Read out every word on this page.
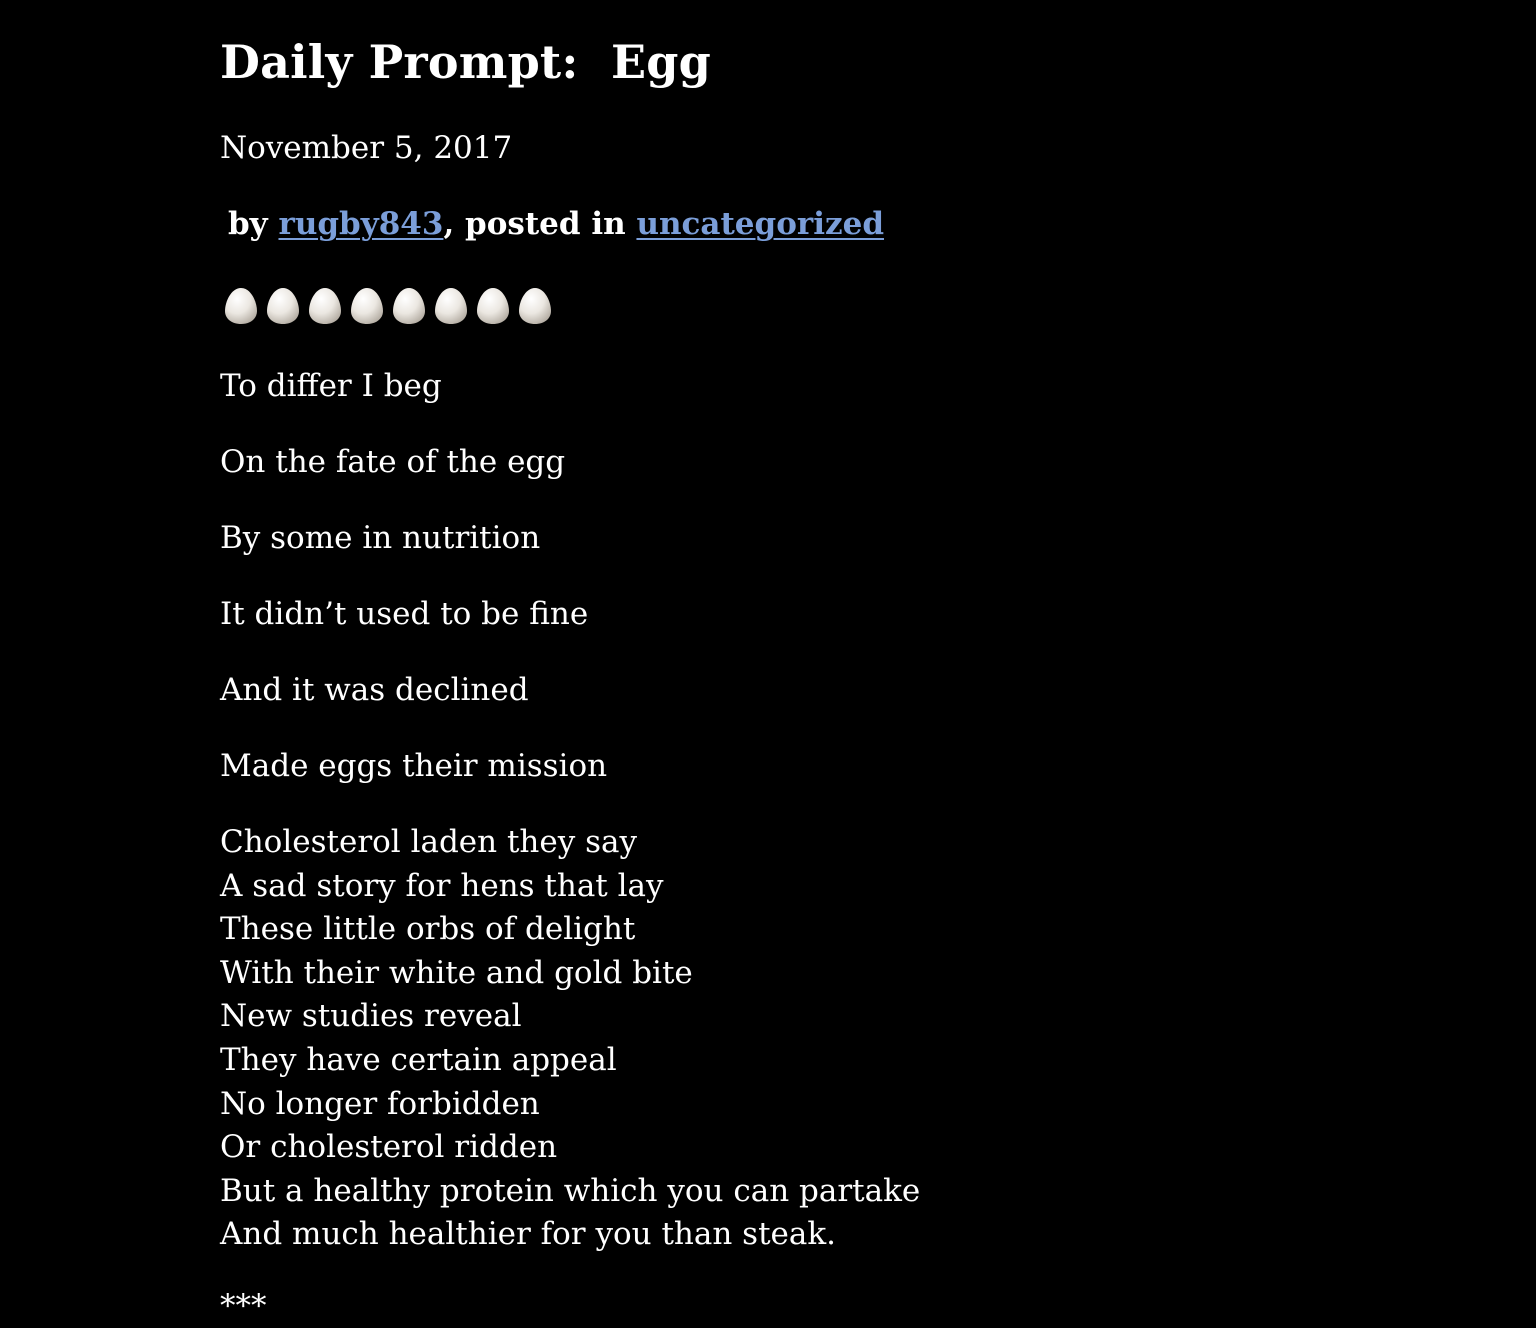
Daily Prompt:  Egg
November 5, 2017
by rugby843, posted in uncategorized
To differ I beg
On the fate of the egg
By some in nutrition
It didn’t used to be fine
And it was declined
Made eggs their mission
Cholesterol laden they say
A sad story for hens that lay
These little orbs of delight
With their white and gold bite
New studies reveal
They have certain appeal
No longer forbidden
Or cholesterol ridden
But a healthy protein which you can partake
And much healthier for you than steak.
***
